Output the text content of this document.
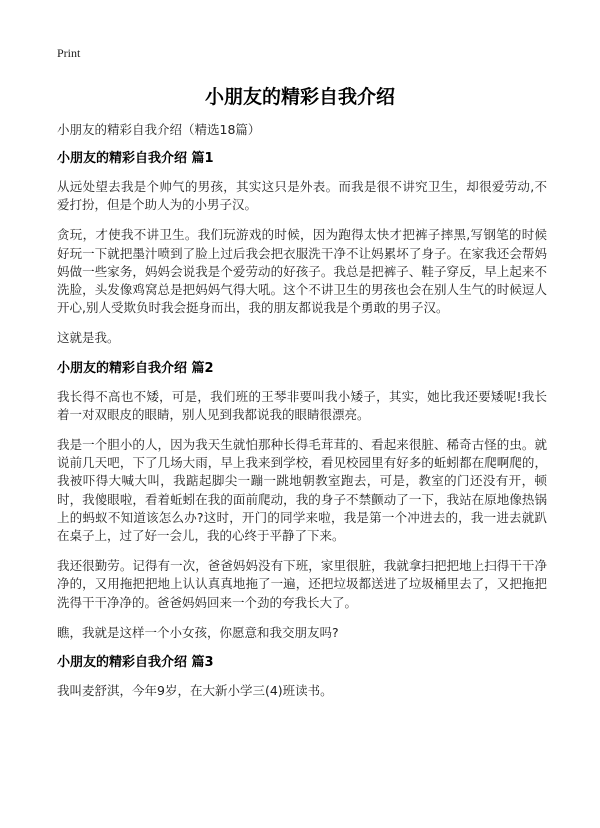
Print
小朋友的精彩自我介绍

小朋友的精彩自我介绍（精选18篇）

小朋友的精彩自我介绍 篇1

从远处望去我是个帅气的男孩，其实这只是外表。而我是很不讲究卫生，却很爱劳动,不爱打扮，但是个助人为的小男子汉。

贪玩，才使我不讲卫生。我们玩游戏的时候，因为跑得太快才把裤子摔黑,写钢笔的时候好玩一下就把墨汁喷到了脸上过后我会把衣服洗干净不让妈累坏了身子。在家我还会帮妈妈做一些家务，妈妈会说我是个爱劳动的好孩子。我总是把裤子、鞋子穿反，早上起来不洗脸，头发像鸡窝总是把妈妈气得大吼。这个不讲卫生的男孩也会在别人生气的时候逗人开心,别人受欺负时我会挺身而出，我的朋友都说我是个勇敢的男子汉。

这就是我。

小朋友的精彩自我介绍 篇2

我长得不高也不矮，可是，我们班的王琴非要叫我小矮子，其实，她比我还要矮呢!我长着一对双眼皮的眼睛，别人见到我都说我的眼睛很漂亮。

我是一个胆小的人，因为我天生就怕那种长得毛茸茸的、看起来很脏、稀奇古怪的虫。就说前几天吧，下了几场大雨，早上我来到学校，看见校园里有好多的蚯蚓都在爬啊爬的，我被吓得大喊大叫，我踮起脚尖一蹦一跳地朝教室跑去，可是，教室的门还没有开，顿时，我傻眼啦，看着蚯蚓在我的面前爬动，我的身子不禁颤动了一下，我站在原地像热锅上的蚂蚁不知道该怎么办?这时，开门的同学来啦，我是第一个冲进去的，我一进去就趴在桌子上，过了好一会儿，我的心终于平静了下来。

我还很勤劳。记得有一次，爸爸妈妈没有下班，家里很脏，我就拿扫把把地上扫得干干净净的，又用拖把把地上认认真真地拖了一遍，还把垃圾都送进了垃圾桶里去了，又把拖把洗得干干净净的。爸爸妈妈回来一个劲的夸我长大了。

瞧，我就是这样一个小女孩，你愿意和我交朋友吗?

小朋友的精彩自我介绍 篇3

我叫麦舒淇，今年9岁，在大新小学三(4)班读书。
